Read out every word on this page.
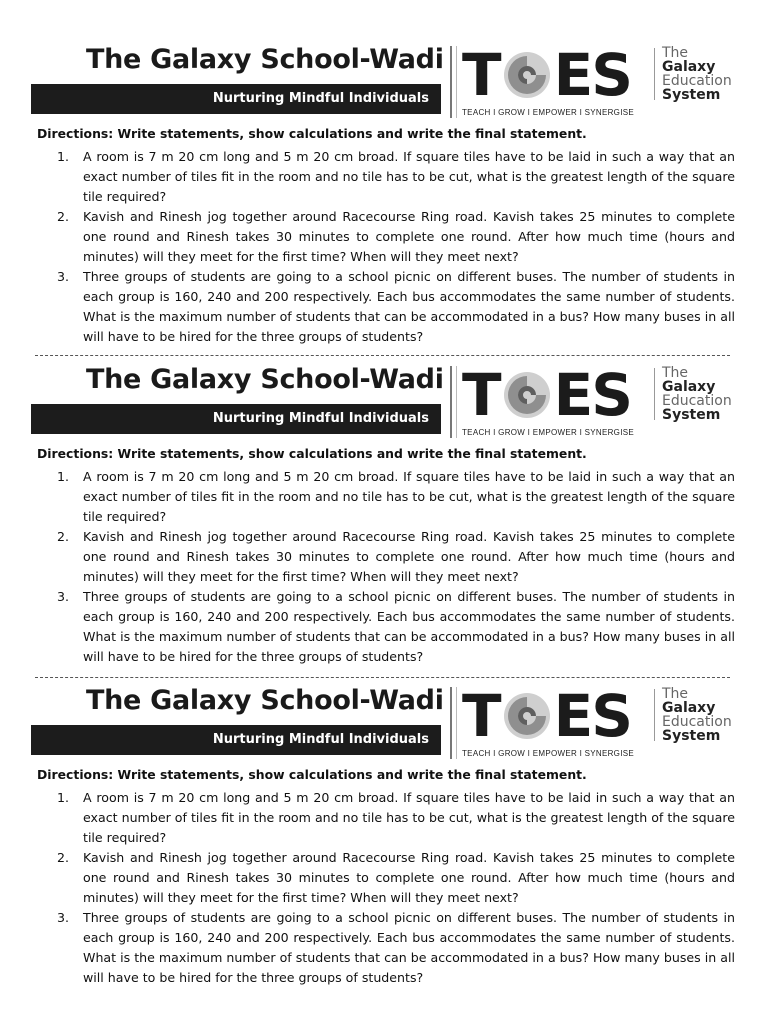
The Galaxy School-Wadi
Nurturing Mindful Individuals T ES
TEACH I GROW I EMPOWER I SYNERGISE
The
Galaxy
Education
System
Directions: Write statements, show calculations and write the final statement.
1. A room is 7 m 20 cm long and 5 m 20 cm broad. If square tiles have to be laid in such a way that an exact number of tiles fit in the room and no tile has to be cut, what is the greatest length of the square tile required?
2. Kavish and Rinesh jog together around Racecourse Ring road. Kavish takes 25 minutes to complete one round and Rinesh takes 30 minutes to complete one round. After how much time (hours and minutes) will they meet for the first time? When will they meet next?
3. Three groups of students are going to a school picnic on different buses. The number of students in each group is 160, 240 and 200 respectively. Each bus accommodates the same number of students. What is the maximum number of students that can be accommodated in a bus? How many buses in all will have to be hired for the three groups of students?
The Galaxy School-Wadi
Nurturing Mindful Individuals T ES
TEACH I GROW I EMPOWER I SYNERGISE
The
Galaxy
Education
System
Directions: Write statements, show calculations and write the final statement.
1. A room is 7 m 20 cm long and 5 m 20 cm broad. If square tiles have to be laid in such a way that an exact number of tiles fit in the room and no tile has to be cut, what is the greatest length of the square tile required?
2. Kavish and Rinesh jog together around Racecourse Ring road. Kavish takes 25 minutes to complete one round and Rinesh takes 30 minutes to complete one round. After how much time (hours and minutes) will they meet for the first time? When will they meet next?
3. Three groups of students are going to a school picnic on different buses. The number of students in each group is 160, 240 and 200 respectively. Each bus accommodates the same number of students. What is the maximum number of students that can be accommodated in a bus? How many buses in all will have to be hired for the three groups of students?
The Galaxy School-Wadi
Nurturing Mindful Individuals T ES
TEACH I GROW I EMPOWER I SYNERGISE
The
Galaxy
Education
System
Directions: Write statements, show calculations and write the final statement.
1. A room is 7 m 20 cm long and 5 m 20 cm broad. If square tiles have to be laid in such a way that an exact number of tiles fit in the room and no tile has to be cut, what is the greatest length of the square tile required?
2. Kavish and Rinesh jog together around Racecourse Ring road. Kavish takes 25 minutes to complete one round and Rinesh takes 30 minutes to complete one round. After how much time (hours and minutes) will they meet for the first time? When will they meet next?
3. Three groups of students are going to a school picnic on different buses. The number of students in each group is 160, 240 and 200 respectively. Each bus accommodates the same number of students. What is the maximum number of students that can be accommodated in a bus? How many buses in all will have to be hired for the three groups of students?
